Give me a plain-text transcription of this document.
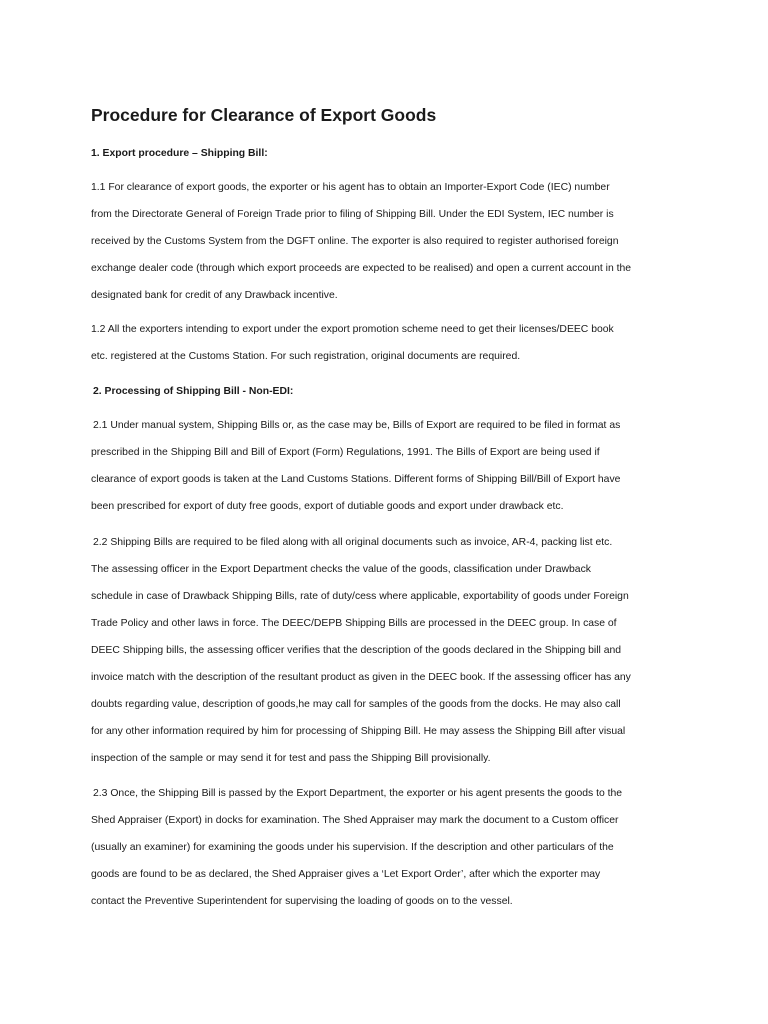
Procedure for Clearance of Export Goods

1. Export procedure – Shipping Bill:

1.1 For clearance of export goods, the exporter or his agent has to obtain an Importer-Export Code (IEC) number

from the Directorate General of Foreign Trade prior to filing of Shipping Bill. Under the EDI System, IEC number is

received by the Customs System from the DGFT online. The exporter is also required to register authorised foreign

exchange dealer code (through which export proceeds are expected to be realised) and open a current account in the

designated bank for credit of any Drawback incentive.

1.2 All the exporters intending to export under the export promotion scheme need to get their licenses/DEEC book

etc. registered at the Customs Station. For such registration, original documents are required.

2. Processing of Shipping Bill - Non-EDI:

2.1 Under manual system, Shipping Bills or, as the case may be, Bills of Export are required to be filed in format as

prescribed in the Shipping Bill and Bill of Export (Form) Regulations, 1991. The Bills of Export are being used if

clearance of export goods is taken at the Land Customs Stations. Different forms of Shipping Bill/Bill of Export have

been prescribed for export of duty free goods, export of dutiable goods and export under drawback etc.

2.2 Shipping Bills are required to be filed along with all original documents such as invoice, AR-4, packing list etc.

The assessing officer in the Export Department checks the value of the goods, classification under Drawback

schedule in case of Drawback Shipping Bills, rate of duty/cess where applicable, exportability of goods under Foreign

Trade Policy and other laws in force. The DEEC/DEPB Shipping Bills are processed in the DEEC group. In case of

DEEC Shipping bills, the assessing officer verifies that the description of the goods declared in the Shipping bill and

invoice match with the description of the resultant product as given in the DEEC book. If the assessing officer has any

doubts regarding value, description of goods,he may call for samples of the goods from the docks. He may also call

for any other information required by him for processing of Shipping Bill. He may assess the Shipping Bill after visual

inspection of the sample or may send it for test and pass the Shipping Bill provisionally.

2.3 Once, the Shipping Bill is passed by the Export Department, the exporter or his agent presents the goods to the

Shed Appraiser (Export) in docks for examination. The Shed Appraiser may mark the document to a Custom officer

(usually an examiner) for examining the goods under his supervision. If the description and other particulars of the

goods are found to be as declared, the Shed Appraiser gives a ‘Let Export Order’, after which the exporter may

contact the Preventive Superintendent for supervising the loading of goods on to the vessel.
